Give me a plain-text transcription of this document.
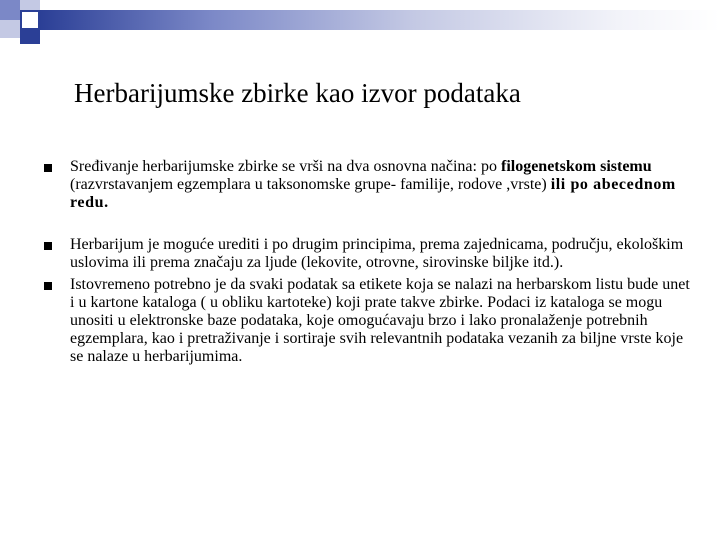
Herbarijumske zbirke kao izvor podataka
Sređivanje herbarijumske zbirke se vrši na dva osnovna načina: po filogenetskom sistemu (razvrstavanjem egzemplara u taksonomske grupe- familije, rodove ,vrste) ili po abecednom redu.
Herbarijum je moguće urediti i po drugim principima, prema zajednicama, području, ekološkim uslovima ili prema značaju za ljude (lekovite, otrovne, sirovinske biljke itd.).
Istovremeno potrebno je da svaki podatak sa etikete koja se nalazi na herbarskom listu bude unet i u kartone kataloga ( u obliku kartoteke) koji prate takve zbirke. Podaci iz kataloga se mogu unositi u elektronske baze podataka, koje omogućavaju brzo i lako pronalaženje potrebnih egzemplara, kao i pretraživanje i sortiraje svih relevantnih podataka vezanih za biljne vrste koje se nalaze u herbarijumima.
